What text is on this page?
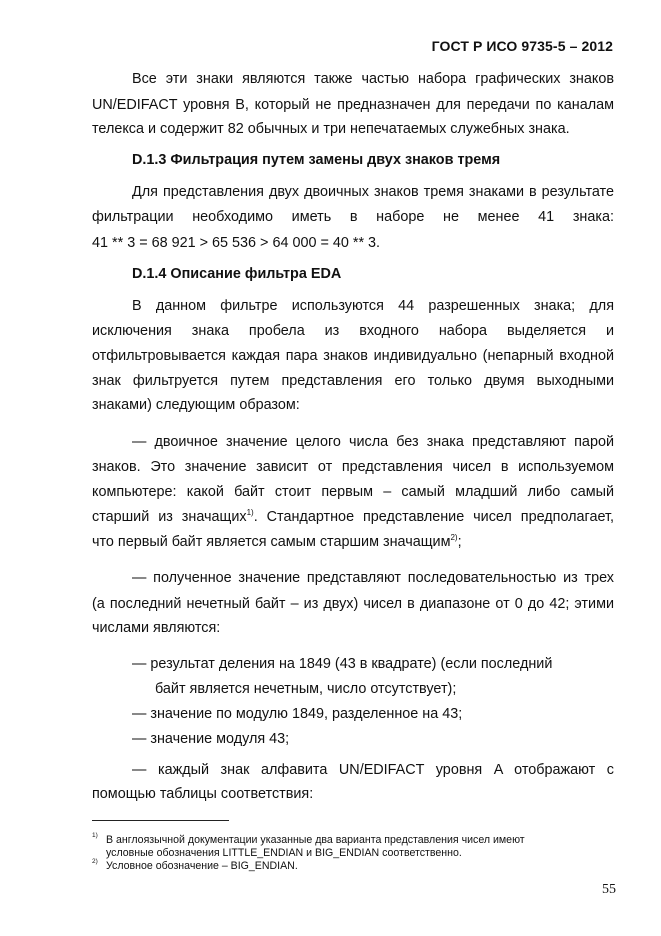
ГОСТ Р ИСО 9735-5 – 2012
Все эти знаки являются также частью набора графических знаков
UN/EDIFACT уровня B, который не предназначен для передачи по каналам
телекса и содержит 82 обычных и три непечатаемых служебных знака.
D.1.3 Фильтрация путем замены двух знаков тремя
Для представления двух двоичных знаков тремя знаками в результате
фильтрации необходимо иметь в наборе не менее 41 знака:
41 ** 3 = 68 921 > 65 536 > 64 000 = 40 ** 3.
D.1.4 Описание фильтра EDA
В данном фильтре используются 44 разрешенных знака; для
исключения знака пробела из входного набора выделяется и
отфильтровывается каждая пара знаков индивидуально (непарный входной
знак фильтруется путем представления его только двумя выходными
знаками) следующим образом:
— двоичное значение целого числа без знака представляют парой
знаков. Это значение зависит от представления чисел в используемом
компьютере: какой байт стоит первым – самый младший либо самый
старший из значащих$^{1)}$. Стандартное представление чисел предполагает,
что первый байт является самым старшим значащим$^{2)}$;
— полученное значение представляют последовательностью из трех
(а последний нечетный байт – из двух) чисел в диапазоне от 0 до 42; этими
числами являются:
— результат деления на 1849 (43 в квадрате) (если последний
байт является нечетным, число отсутствует);
— значение по модулю 1849, разделенное на 43;
— значение модуля 43;
— каждый знак алфавита UN/EDIFACT уровня A отображают с
помощью таблицы соответствия:
$^{1)}$ В англоязычной документации указанные два варианта представления чисел имеют
условные обозначения LITTLE_ENDIAN и BIG_ENDIAN соответственно.
$^{2)}$ Условное обозначение – BIG_ENDIAN.
55
